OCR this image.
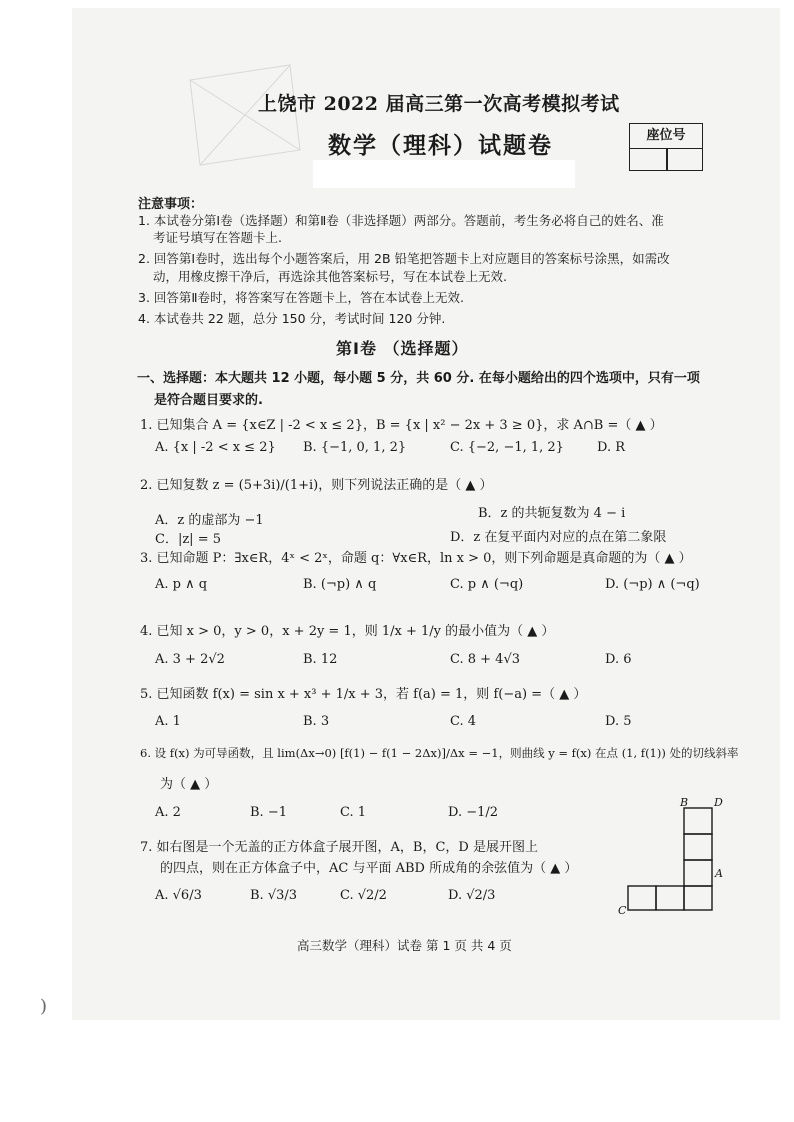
上饶市 2022 届高三第一次高考模拟考试
数学（理科）试题卷	座位号
注意事项：
1. 本试卷分第Ⅰ卷（选择题）和第Ⅱ卷（非选择题）两部分。答题前，考生务必将自己的姓名、准
考证号填写在答题卡上.
2. 回答第Ⅰ卷时，选出每个小题答案后，用 2B 铅笔把答题卡上对应题目的答案标号涂黑，如需改
动，用橡皮擦干净后，再选涂其他答案标号，写在本试卷上无效.
3. 回答第Ⅱ卷时，将答案写在答题卡上，答在本试卷上无效.
4. 本试卷共 22 题，总分 150 分，考试时间 120 分钟.
第Ⅰ卷 （选择题）
一、选择题：本大题共 12 小题，每小题 5 分，共 60 分. 在每小题给出的四个选项中，只有一项
是符合题目要求的.
1. 已知集合 A = {x∈Z | -2 < x ≤ 2}，B = {x | x² − 2x + 3 ≥ 0}，求 A∩B =（ ▲ ）
A. {x | -2 < x ≤ 2} B. {−1, 0, 1, 2}	C. {−2, −1, 1, 2}	D. R
2. 已知复数 z = (5+3i)/(1+i)，则下列说法正确的是（ ▲ ）
A．z 的虚部为 −1	B．z 的共轭复数为 4 − i
C．|z| = 5	D．z 在复平面内对应的点在第二象限
3. 已知命题 P：∃x∈R，4ˣ < 2ˣ，命题 q：∀x∈R，ln x > 0，则下列命题是真命题的为（ ▲ ）
A. p ∧ q	B. (¬p) ∧ q	C. p ∧ (¬q)	D. (¬p) ∧ (¬q)
4. 已知 x > 0，y > 0，x + 2y = 1，则 1/x + 1/y 的最小值为（ ▲ ）
A. 3 + 2√2	B. 12	C. 8 + 4√3	D. 6
5. 已知函数 f(x) = sin x + x³ + 1/x + 3，若 f(a) = 1，则 f(−a) =（ ▲ ）
A. 1	B. 3	C. 4	D. 5
6. 设 f(x) 为可导函数，且 lim(Δx→0) [f(1) − f(1 − 2Δx)]/Δx = −1，则曲线 y = f(x) 在点 (1, f(1)) 处的切线斜率
为（ ▲ ）
A. 2	B. −1	C. 1	D. −1/2
7. 如右图是一个无盖的正方体盒子展开图，A，B，C，D 是展开图上
的四点，则在正方体盒子中，AC 与平面 ABD 所成角的余弦值为（ ▲ ）
A. √6/3	B. √3/3	C. √2/2	D. √2/3
B D
A
C
高三数学（理科）试卷 第 1 页 共 4 页
)
